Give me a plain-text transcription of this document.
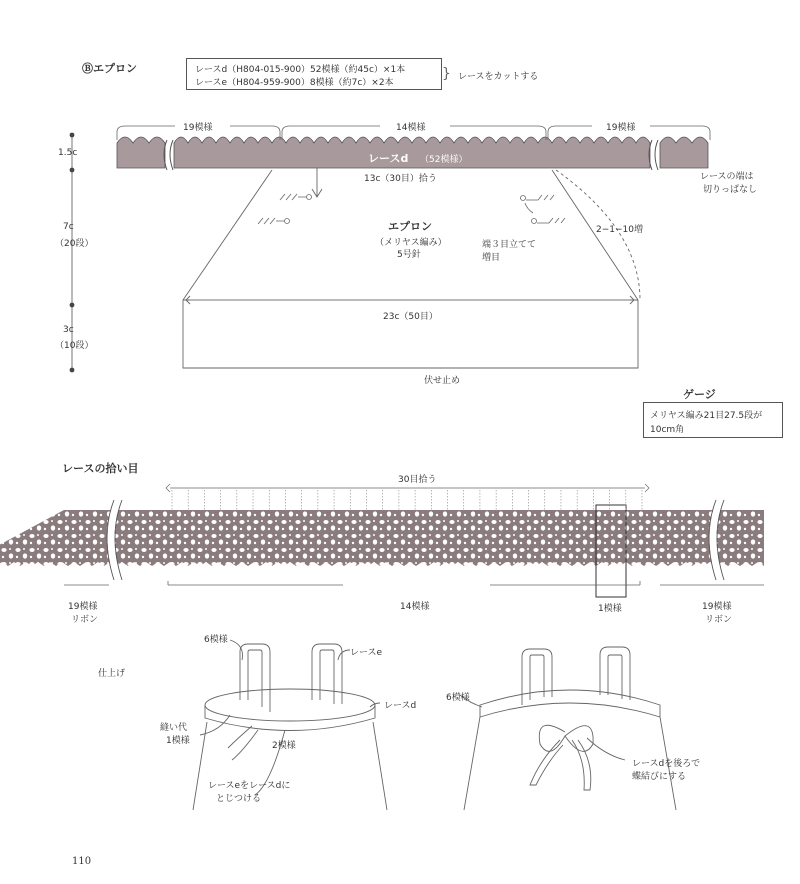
Ⓑエプロン	レースd（H804-015-900）52模様（約45c）×1本
レースe（H804-959-900）8模様（約7c）×2本
} レースをカットする
19模様	14模様	19模様
レースd （52模様）
13c（30目）拾う	レースの端は
切りっぱなし
エプロン
（メリヤス編み）
5号針
端３目立てて
増目
2−1−10増
23c（50目）
伏せ止め
1.5c
7c
（20段）
3c
（10段）
ゲージ
メリヤス編み21目27.5段が
10cm角
レースの拾い目
30目拾う
19模様
リボン
14模様	1模様	19模様
リボン
仕上げ
6模様
レースe
レースd
縫い代
1模様	2模様
レースeをレースdに
とじつける
6模様
レースdを後ろで
蝶結びにする
110
